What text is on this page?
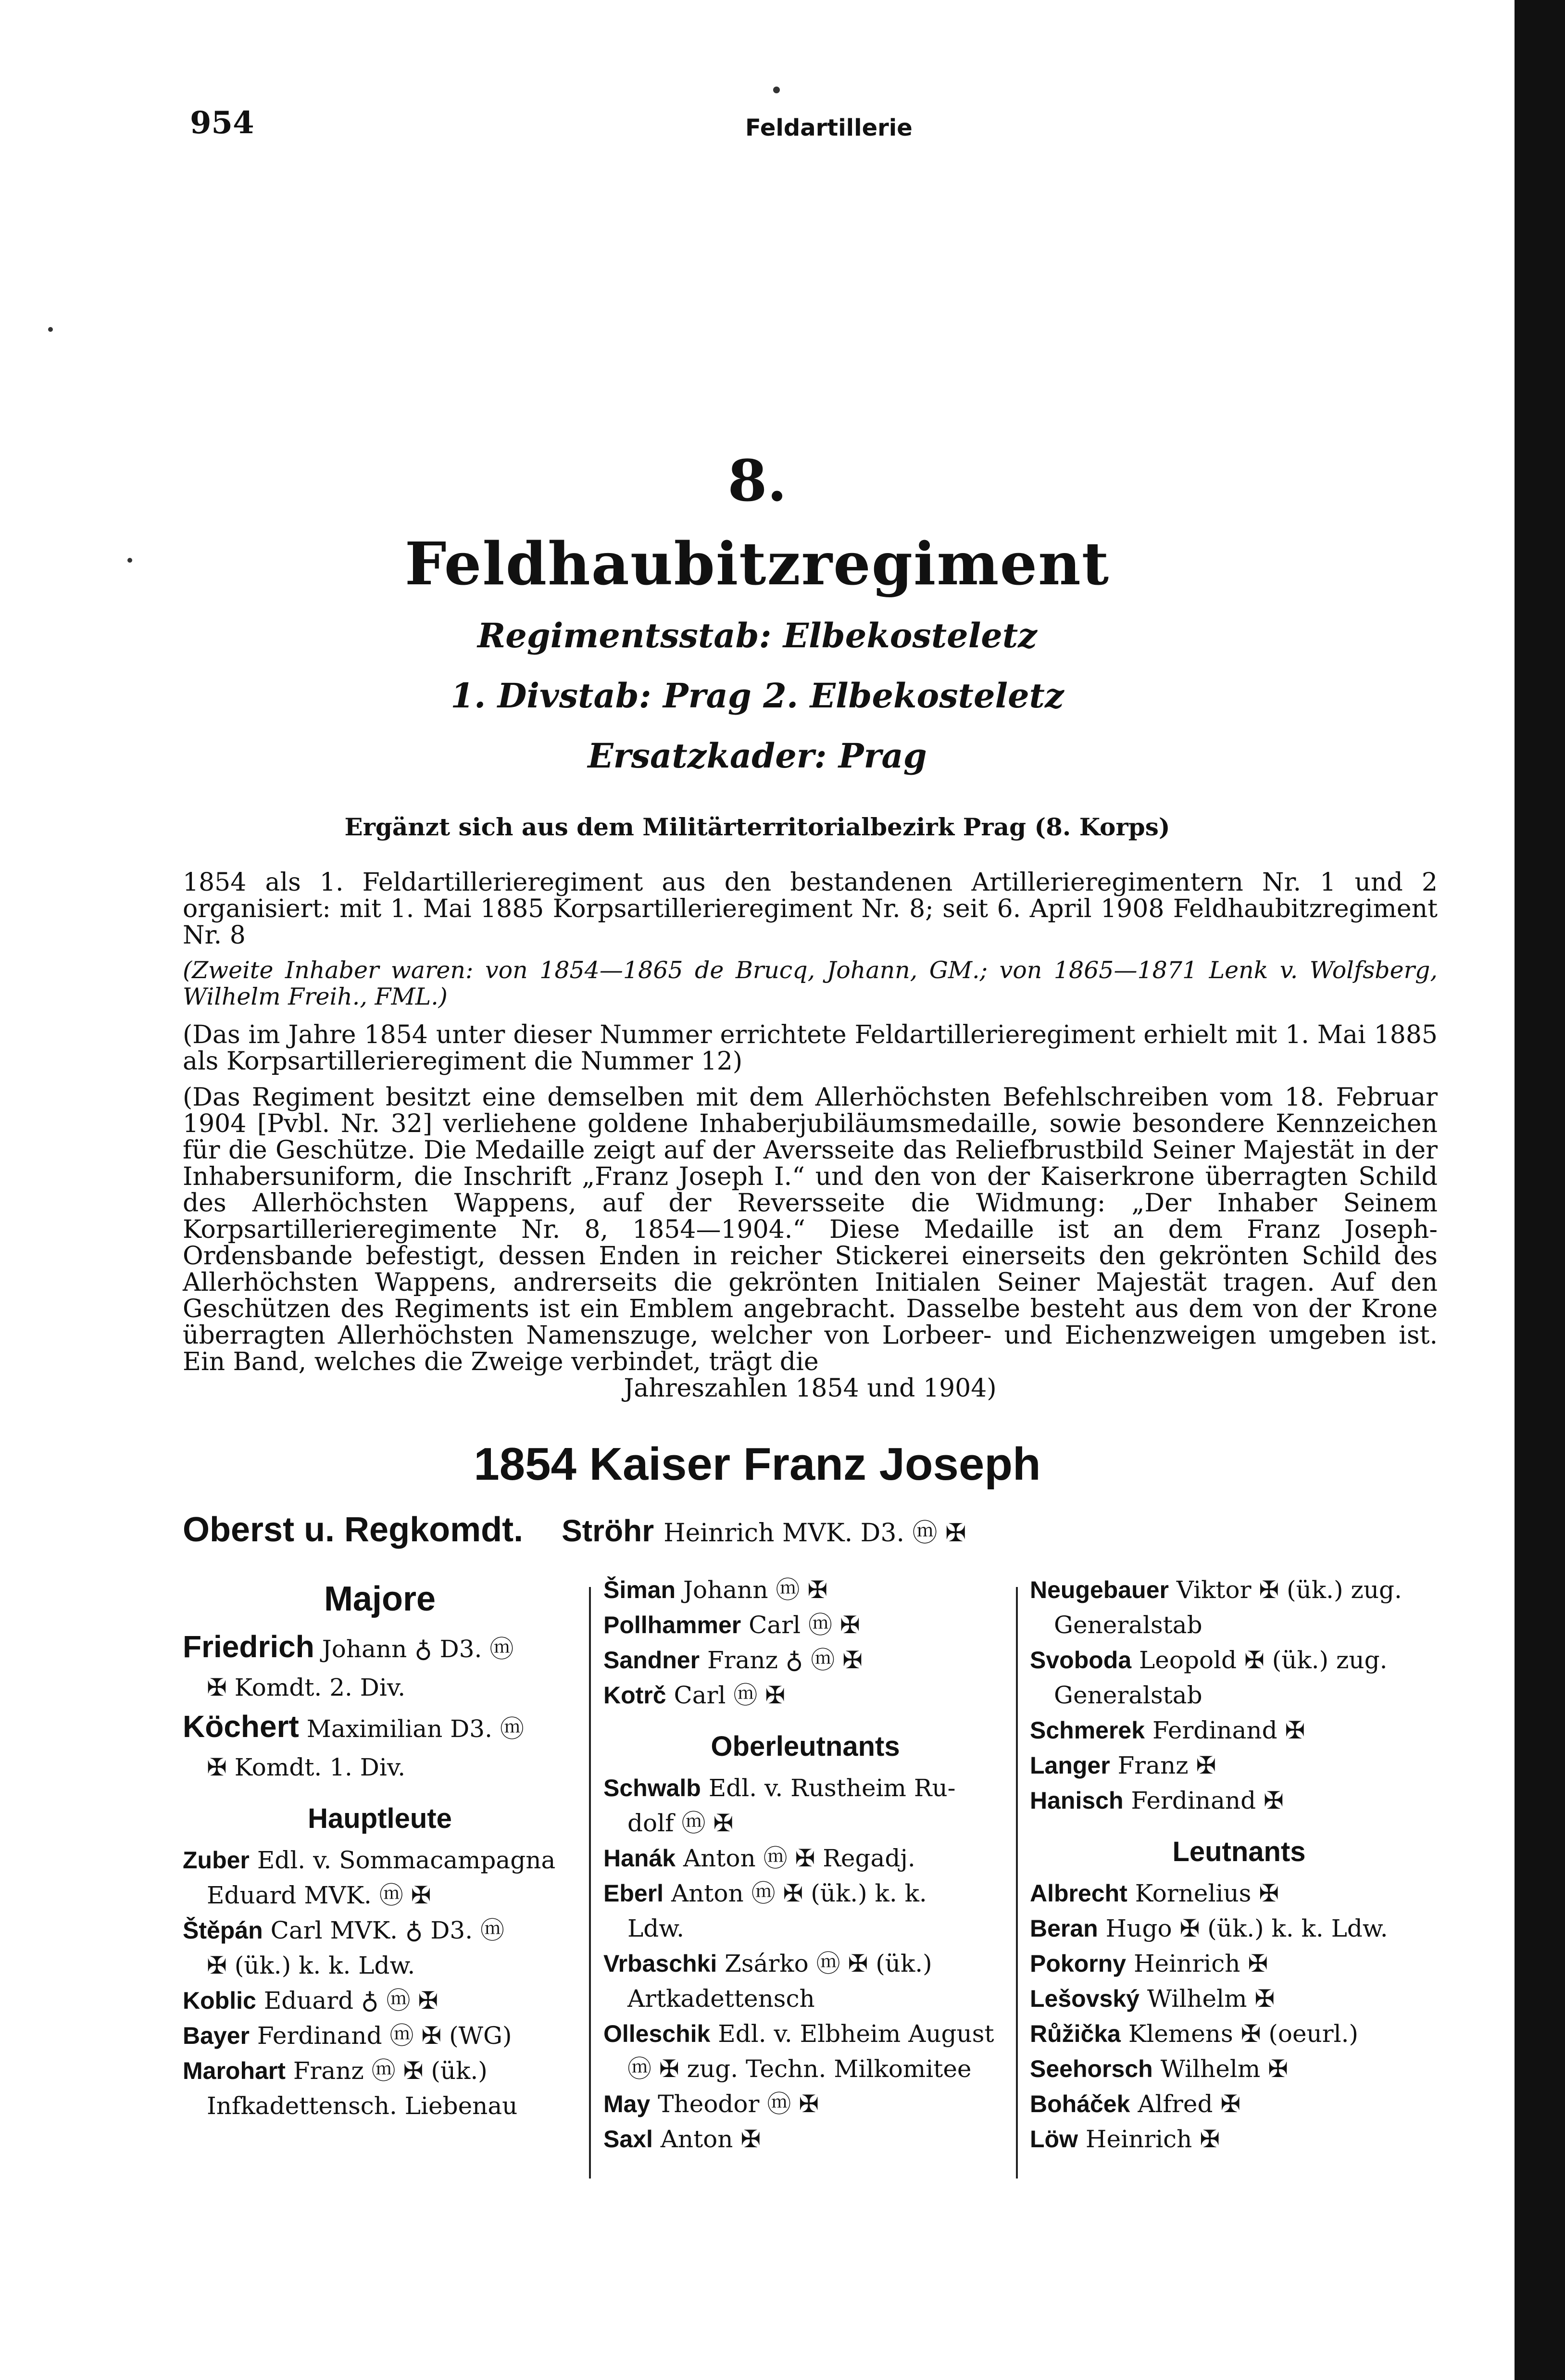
954	Feldartillerie
8.
Feldhaubitzregiment
Regimentsstab: Elbekosteletz
1. Divstab: Prag 2. Elbekosteletz
Ersatzkader: Prag
Ergänzt sich aus dem Militärterritorialbezirk Prag (8. Korps)
1854 als 1. Feldartillerieregiment aus den bestandenen Artillerieregimentern Nr. 1 und 2 organisiert: mit 1. Mai 1885 Korpsartillerieregiment Nr. 8; seit 6. April 1908 Feldhaubitzregiment Nr. 8
(Zweite Inhaber waren: von 1854—1865 de Brucq, Johann, GM.; von 1865—1871 Lenk v. Wolfsberg, Wilhelm Freih., FML.)
(Das im Jahre 1854 unter dieser Nummer errichtete Feldartillerieregiment erhielt mit 1. Mai 1885 als Korpsartillerieregiment die Nummer 12)
(Das Regiment besitzt eine demselben mit dem Allerhöchsten Befehlschreiben vom 18. Februar 1904 [Pvbl. Nr. 32] verliehene goldene Inhaberjubiläumsmedaille, sowie besondere Kennzeichen für die Geschütze. Die Medaille zeigt auf der Aversseite das Reliefbrustbild Seiner Majestät in der Inhabersuniform, die Inschrift „Franz Joseph I.“ und den von der Kaiserkrone überragten Schild des Allerhöchsten Wappens, auf der Reversseite die Widmung: „Der Inhaber Seinem Korpsartillerieregimente Nr. 8, 1854—1904.“ Diese Medaille ist an dem Franz Joseph-Ordensbande befestigt, dessen Enden in reicher Stickerei einerseits den gekrönten Schild des Allerhöchsten Wappens, andrerseits die gekrönten Initialen Seiner Majestät tragen. Auf den Geschützen des Regiments ist ein Emblem angebracht. Dasselbe besteht aus dem von der Krone überragten Allerhöchsten Namenszuge, welcher von Lorbeer- und Eichenzweigen umgeben ist. Ein Band, welches die Zweige verbindet, trägt die
Jahreszahlen 1854 und 1904)
1854 Kaiser Franz Joseph
Oberst u. Regkomdt. Ströhr Heinrich MVK. D3. ⓜ ✠
Majore
Friedrich Johann ♁ D3. ⓜ
✠ Komdt. 2. Div.
Köchert Maximilian D3. ⓜ
✠ Komdt. 1. Div.
Hauptleute
Zuber Edl. v. Sommacampagna
Eduard MVK. ⓜ ✠
Štěpán Carl MVK. ♁ D3. ⓜ
✠ (ük.) k. k. Ldw.
Koblic Eduard ♁ ⓜ ✠
Bayer Ferdinand ⓜ ✠ (WG)
Marohart Franz ⓜ ✠ (ük.)
Infkadettensch. Liebenau
Šiman Johann ⓜ ✠
Pollhammer Carl ⓜ ✠
Sandner Franz ♁ ⓜ ✠
Kotrč Carl ⓜ ✠
Oberleutnants
Schwalb Edl. v. Rustheim Ru-
dolf ⓜ ✠
Hanák Anton ⓜ ✠ Regadj.
Eberl Anton ⓜ ✠ (ük.) k. k.
Ldw.
Vrbaschki Zsárko ⓜ ✠ (ük.)
Artkadettensch
Olleschik Edl. v. Elbheim August
ⓜ ✠ zug. Techn. Milkomitee
May Theodor ⓜ ✠
Saxl Anton ✠
Neugebauer Viktor ✠ (ük.) zug.
Generalstab
Svoboda Leopold ✠ (ük.) zug.
Generalstab
Schmerek Ferdinand ✠
Langer Franz ✠
Hanisch Ferdinand ✠
Leutnants
Albrecht Kornelius ✠
Beran Hugo ✠ (ük.) k. k. Ldw.
Pokorny Heinrich ✠
Lešovský Wilhelm ✠
Růžička Klemens ✠ (oeurl.)
Seehorsch Wilhelm ✠
Boháček Alfred ✠
Löw Heinrich ✠
